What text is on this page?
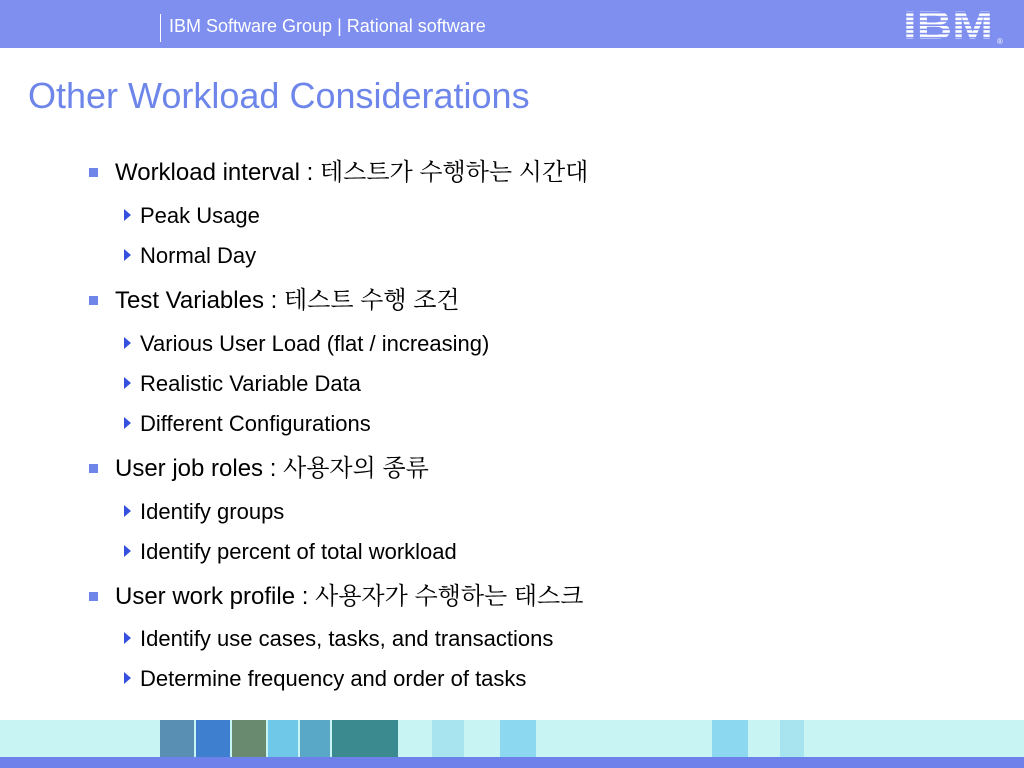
IBM Software Group | Rational software	IBM ®
Other Workload Considerations
Workload interval : 테스트가 수행하는 시간대
Peak Usage
Normal Day
Test Variables : 테스트 수행 조건
Various User Load (flat / increasing)
Realistic Variable Data
Different Configurations
User job roles : 사용자의 종류
Identify groups
Identify percent of total workload
User work profile : 사용자가 수행하는 태스크
Identify use cases, tasks, and transactions
Determine frequency and order of tasks
